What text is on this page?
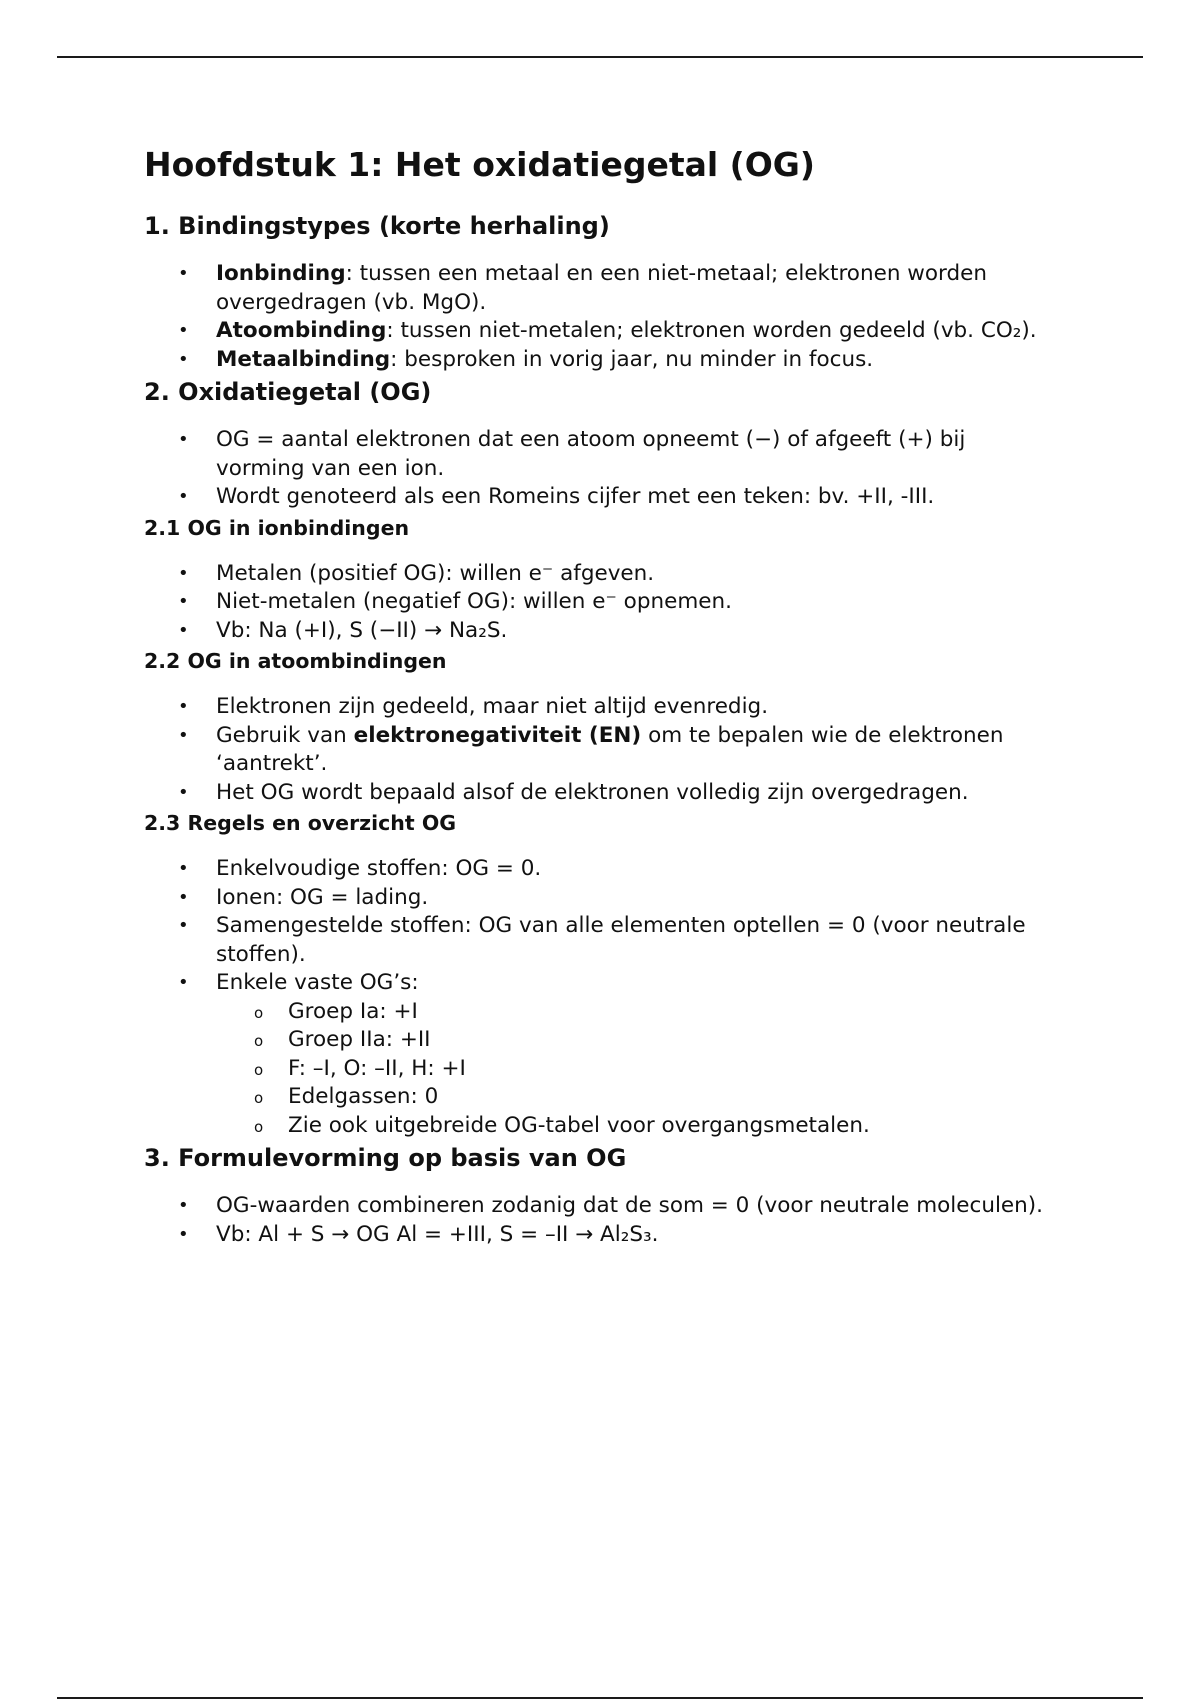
Hoofdstuk 1: Het oxidatiegetal (OG)
1. Bindingstypes (korte herhaling)
• Ionbinding: tussen een metaal en een niet-metaal; elektronen worden overgedragen (vb. MgO).
• Atoombinding: tussen niet-metalen; elektronen worden gedeeld (vb. CO₂).
• Metaalbinding: besproken in vorig jaar, nu minder in focus.
2. Oxidatiegetal (OG)
• OG = aantal elektronen dat een atoom opneemt (−) of afgeeft (+) bij vorming van een ion.
• Wordt genoteerd als een Romeins cijfer met een teken: bv. +II, -III.
2.1 OG in ionbindingen
• Metalen (positief OG): willen e⁻ afgeven.
• Niet-metalen (negatief OG): willen e⁻ opnemen.
• Vb: Na (+I), S (−II) → Na₂S.
2.2 OG in atoombindingen
• Elektronen zijn gedeeld, maar niet altijd evenredig.
• Gebruik van elektronegativiteit (EN) om te bepalen wie de elektronen ‘aantrekt’.
• Het OG wordt bepaald alsof de elektronen volledig zijn overgedragen.
2.3 Regels en overzicht OG
• Enkelvoudige stoffen: OG = 0.
• Ionen: OG = lading.
• Samengestelde stoffen: OG van alle elementen optellen = 0 (voor neutrale stoffen).
• Enkele vaste OG’s:
o Groep Ia: +I
o Groep IIa: +II
o F: –I, O: –II, H: +I
o Edelgassen: 0
o Zie ook uitgebreide OG-tabel voor overgangsmetalen.
3. Formulevorming op basis van OG
• OG-waarden combineren zodanig dat de som = 0 (voor neutrale moleculen).
• Vb: Al + S → OG Al = +III, S = –II → Al₂S₃.
